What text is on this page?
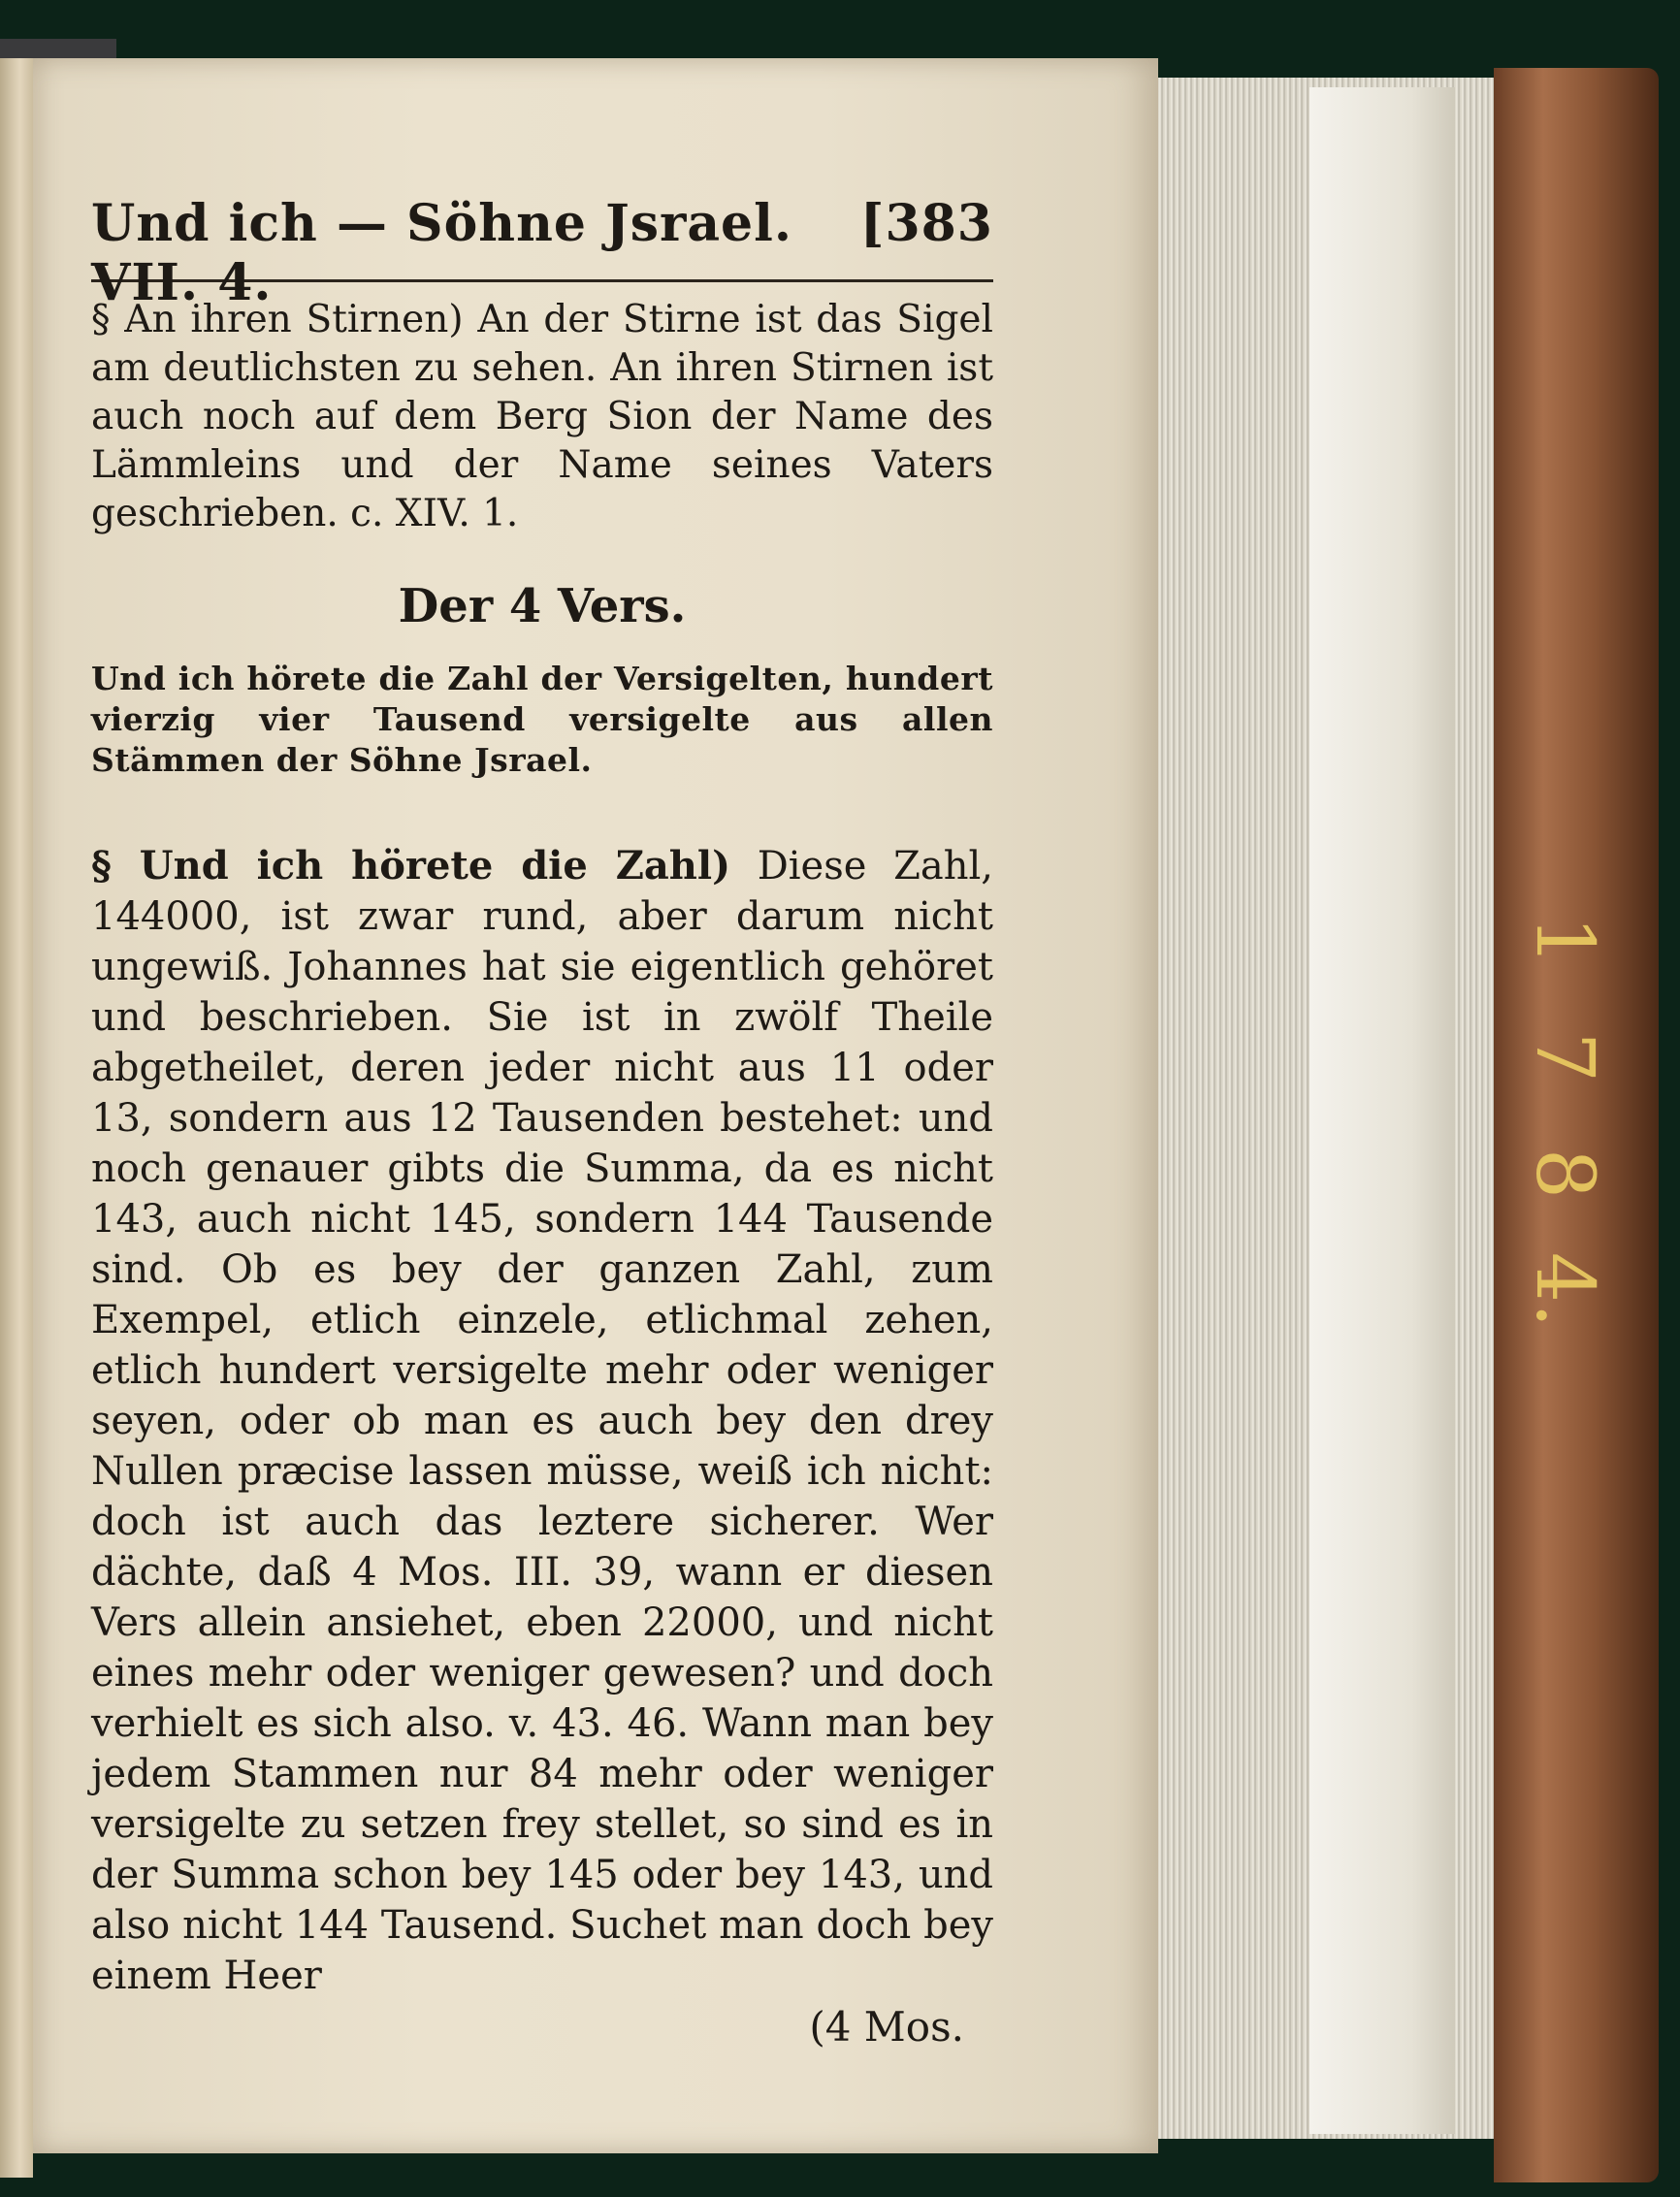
Und ich — Söhne Jsrael. VII. 4.
[383

§ An ihren Stirnen) An der Stirne ist das Sigel am deutlichsten zu sehen. An ihren Stirnen ist auch noch auf dem Berg Sion der Name des Lämmleins und der Name seines Vaters geschrieben. c. XIV. 1.

Der 4 Vers.

Und ich hörete die Zahl der Versigelten, hundert vierzig vier Tausend versigelte aus allen Stämmen der Söhne Jsrael.

§ Und ich hörete die Zahl) Diese Zahl, 144000, ist zwar rund, aber darum nicht ungewiß. Johannes hat sie eigentlich gehöret und beschrieben. Sie ist in zwölf Theile abgetheilet, deren jeder nicht aus 11 oder 13, sondern aus 12 Tausenden bestehet: und noch genauer gibts die Summa, da es nicht 143, auch nicht 145, sondern 144 Tausende sind. Ob es bey der ganzen Zahl, zum Exempel, etlich einzele, etlichmal zehen, etlich hundert versigelte mehr oder weniger seyen, oder ob man es auch bey den drey Nullen præcise lassen müsse, weiß ich nicht: doch ist auch das leztere sicherer. Wer dächte, daß 4 Mos. III. 39, wann er diesen Vers allein ansiehet, eben 22000, und nicht eines mehr oder weniger gewesen? und doch verhielt es sich also. v. 43. 46. Wann man bey jedem Stammen nur 84 mehr oder weniger versigelte zu setzen frey stellet, so sind es in der Summa schon bey 145 oder bey 143, und also nicht 144 Tausend. Suchet man doch bey einem Heer

(4 Mos.
1
7
8
4.
